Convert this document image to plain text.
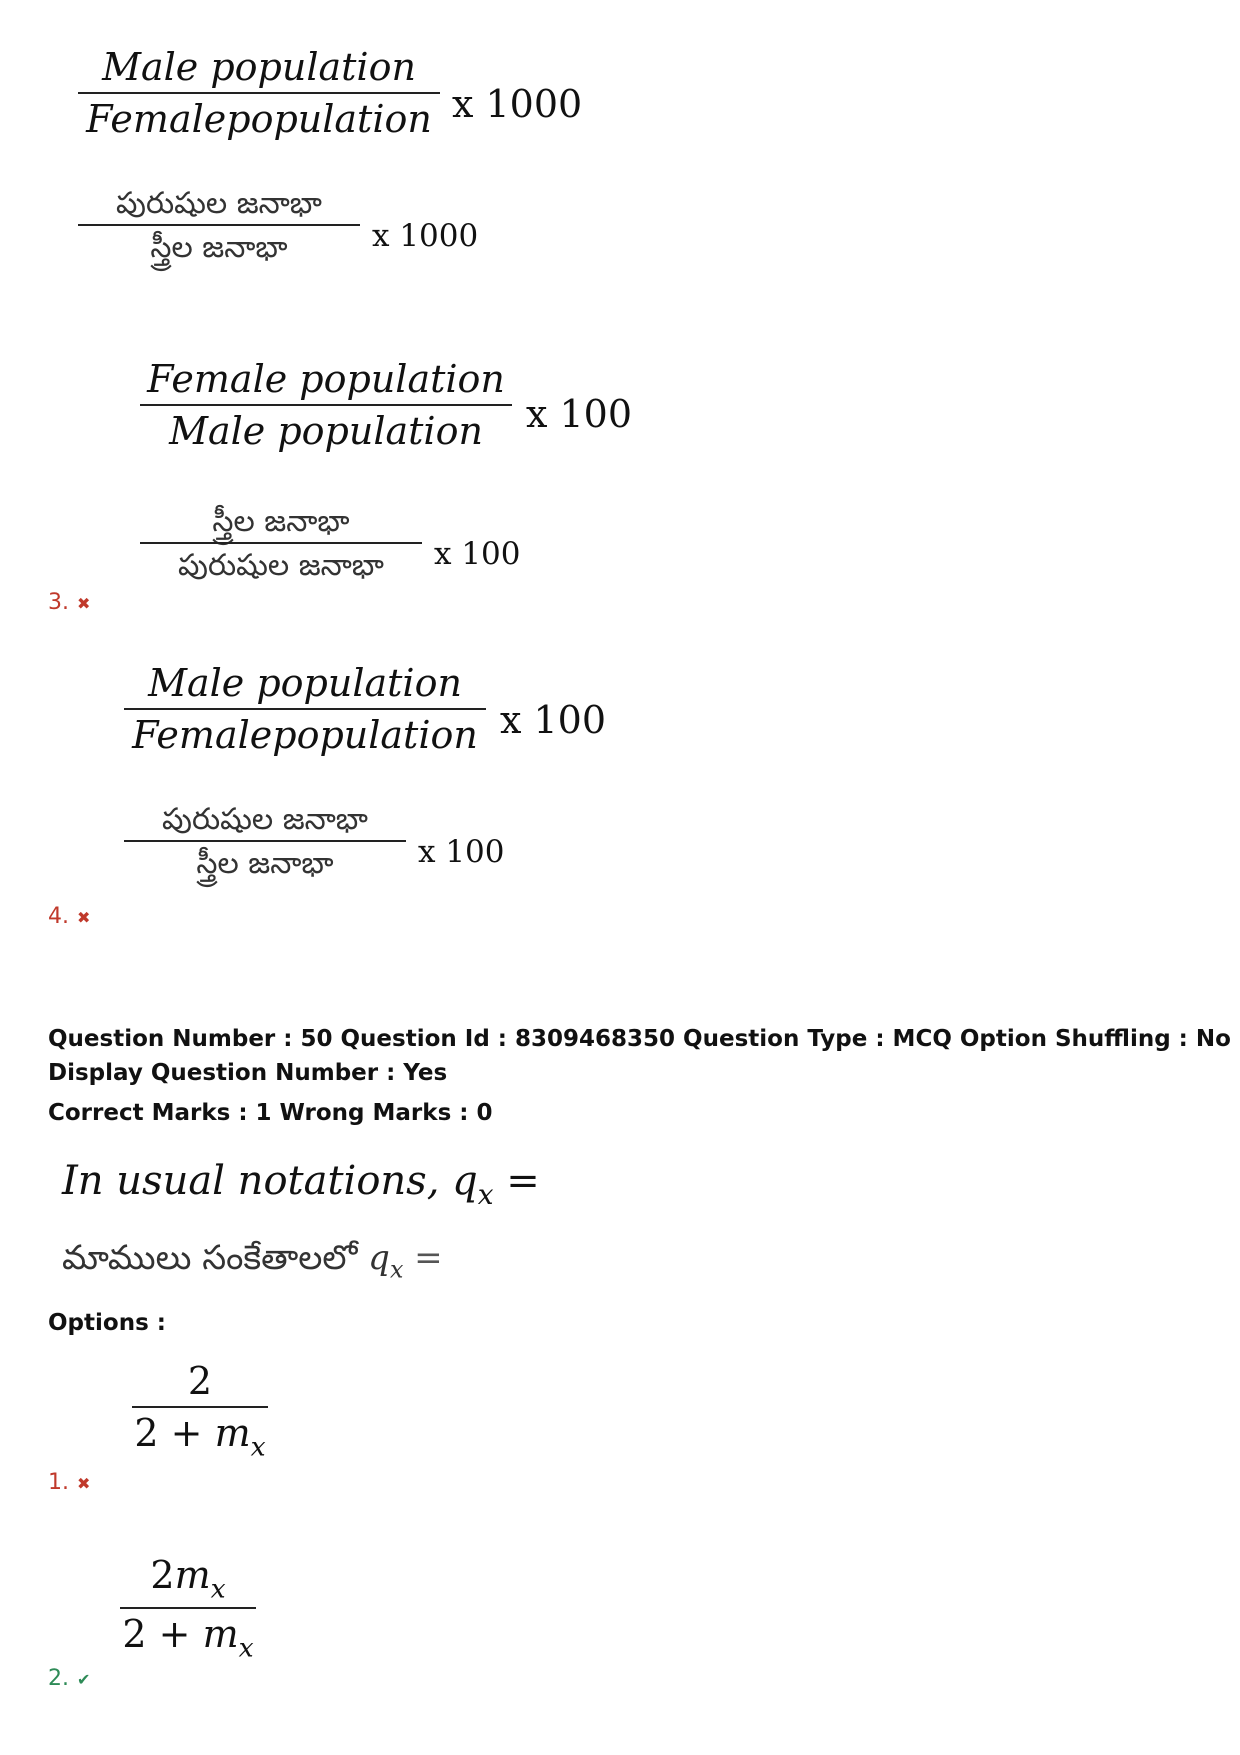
Male population
Femalepopulation x 1000
పురుషుల జనాభా
స్త్రీల జనాభా	x 1000
Female population
Male population x 100
స్త్రీల జనాభా
పురుషుల జనాభా x 100
3. ✖
Male population
Femalepopulation x 100
పురుషుల జనాభా
స్త్రీల జనాభా	x 100
4. ✖
Question Number : 50 Question Id : 8309468350 Question Type : MCQ Option Shuffling : No
Display Question Number : Yes
Correct Marks : 1 Wrong Marks : 0
In usual notations, $q_x$ =
మాములు సంకేతాలలో $q_x$ =
Options :
2
$2 + m_x$
1. ✖
$2m_x$
$2 + m_x$
2. ✔
